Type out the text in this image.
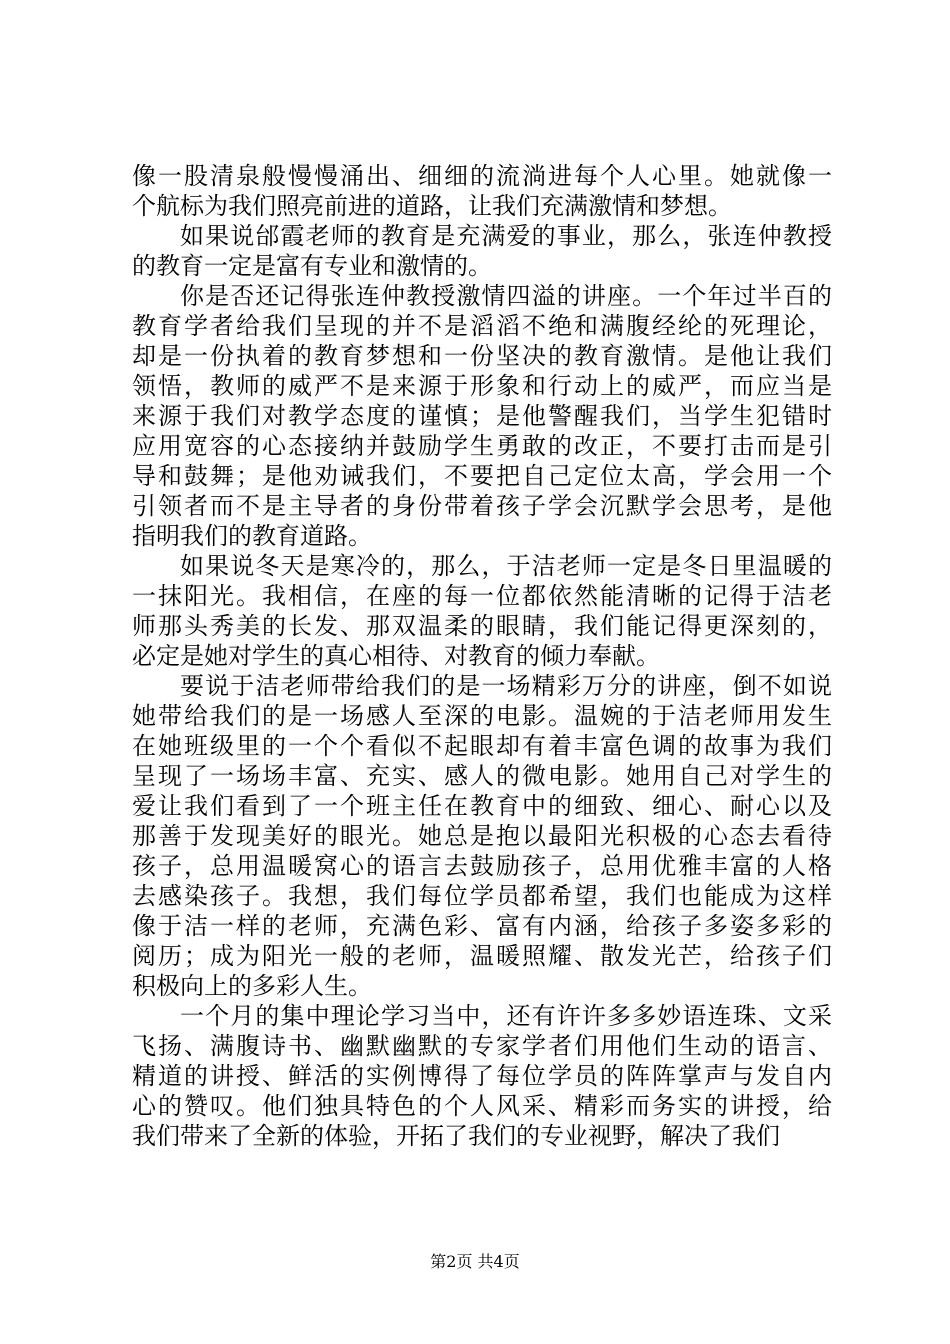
像一股清泉般慢慢涌出、细细的流淌进每个人心里。她就像一
个航标为我们照亮前进的道路，让我们充满激情和梦想。

如果说邰霞老师的教育是充满爱的事业，那么，张连仲教授
的教育一定是富有专业和激情的。

你是否还记得张连仲教授激情四溢的讲座。一个年过半百的
教育学者给我们呈现的并不是滔滔不绝和满腹经纶的死理论，
却是一份执着的教育梦想和一份坚决的教育激情。是他让我们
领悟，教师的威严不是来源于形象和行动上的威严，而应当是
来源于我们对教学态度的谨慎；是他警醒我们，当学生犯错时
应用宽容的心态接纳并鼓励学生勇敢的改正，不要打击而是引
导和鼓舞；是他劝诫我们，不要把自己定位太高，学会用一个
引领者而不是主导者的身份带着孩子学会沉默学会思考，是他
指明我们的教育道路。

如果说冬天是寒冷的，那么，于洁老师一定是冬日里温暖的
一抹阳光。我相信，在座的每一位都依然能清晰的记得于洁老
师那头秀美的长发、那双温柔的眼睛，我们能记得更深刻的，
必定是她对学生的真心相待、对教育的倾力奉献。

要说于洁老师带给我们的是一场精彩万分的讲座，倒不如说
她带给我们的是一场感人至深的电影。温婉的于洁老师用发生
在她班级里的一个个看似不起眼却有着丰富色调的故事为我们
呈现了一场场丰富、充实、感人的微电影。她用自己对学生的
爱让我们看到了一个班主任在教育中的细致、细心、耐心以及
那善于发现美好的眼光。她总是抱以最阳光积极的心态去看待
孩子，总用温暖窝心的语言去鼓励孩子，总用优雅丰富的人格
去感染孩子。我想，我们每位学员都希望，我们也能成为这样
像于洁一样的老师，充满色彩、富有内涵，给孩子多姿多彩的
阅历；成为阳光一般的老师，温暖照耀、散发光芒，给孩子们
积极向上的多彩人生。

一个月的集中理论学习当中，还有许许多多妙语连珠、文采
飞扬、满腹诗书、幽默幽默的专家学者们用他们生动的语言、
精道的讲授、鲜活的实例博得了每位学员的阵阵掌声与发自内
心的赞叹。他们独具特色的个人风采、精彩而务实的讲授，给
我们带来了全新的体验，开拓了我们的专业视野，解决了我们

第2页 共4页
